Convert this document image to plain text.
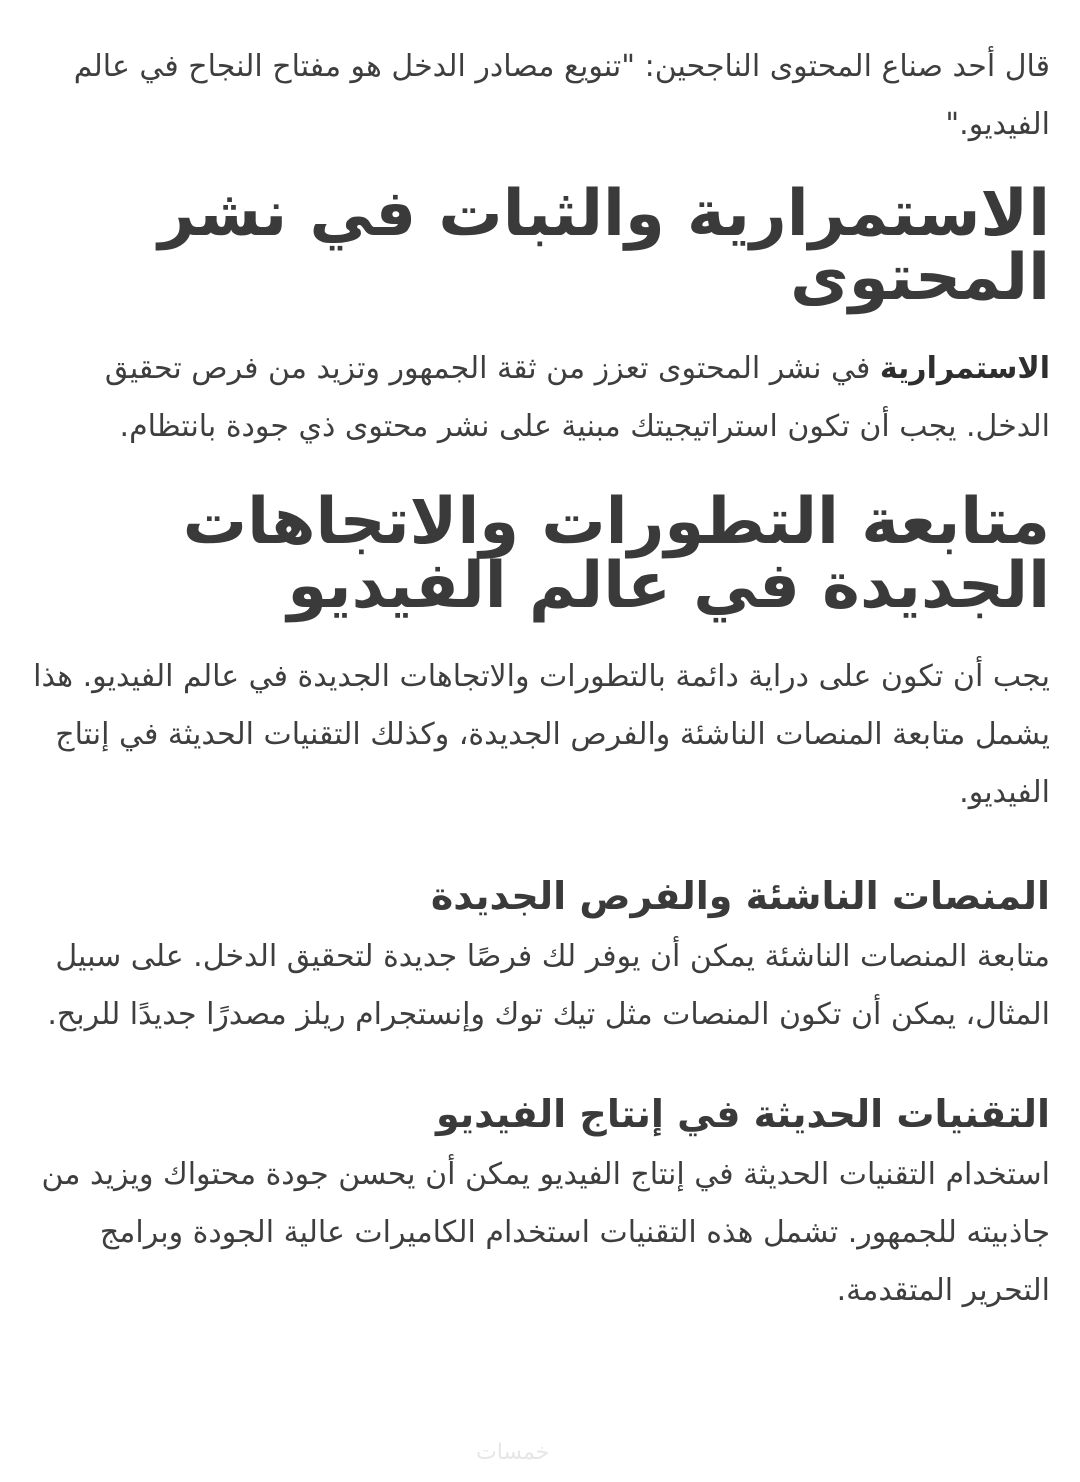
قال أحد صناع المحتوى الناجحين: "تنويع مصادر الدخل هو مفتاح النجاح في عالم الفيديو."

الاستمرارية والثبات في نشر المحتوى

الاستمرارية في نشر المحتوى تعزز من ثقة الجمهور وتزيد من فرص تحقيق الدخل. يجب أن تكون استراتيجيتك مبنية على نشر محتوى ذي جودة بانتظام.

متابعة التطورات والاتجاهات الجديدة في عالم الفيديو

يجب أن تكون على دراية دائمة بالتطورات والاتجاهات الجديدة في عالم الفيديو. هذا يشمل متابعة المنصات الناشئة والفرص الجديدة، وكذلك التقنيات الحديثة في إنتاج الفيديو.

المنصات الناشئة والفرص الجديدة

متابعة المنصات الناشئة يمكن أن يوفر لك فرصًا جديدة لتحقيق الدخل. على سبيل المثال، يمكن أن تكون المنصات مثل تيك توك وإنستجرام ريلز مصدرًا جديدًا للربح.

التقنيات الحديثة في إنتاج الفيديو

استخدام التقنيات الحديثة في إنتاج الفيديو يمكن أن يحسن جودة محتواك ويزيد من جاذبيته للجمهور. تشمل هذه التقنيات استخدام الكاميرات عالية الجودة وبرامج التحرير المتقدمة.

خمسات
